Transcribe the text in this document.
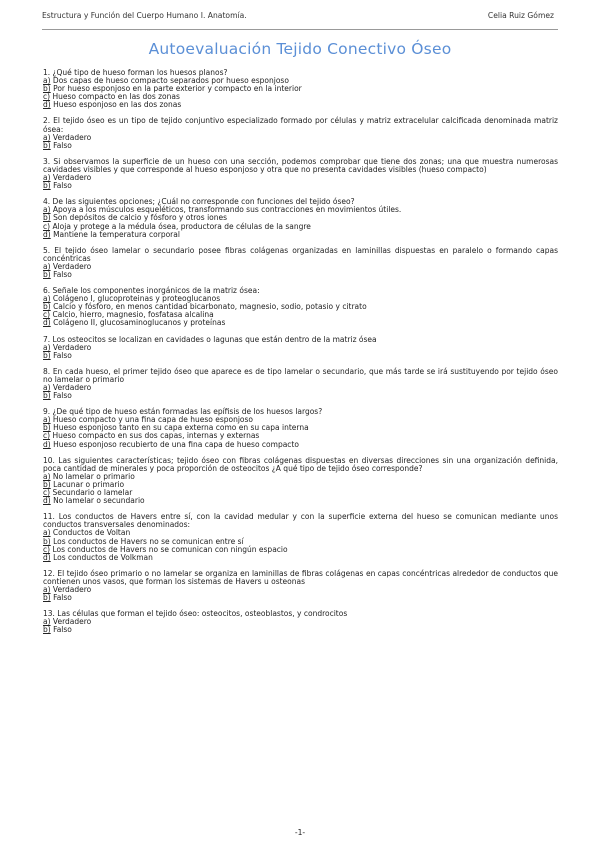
Estructura y Función del Cuerpo Humano I. Anatomía.	Celia Ruiz Gómez
Autoevaluación Tejido Conectivo Óseo
1. ¿Qué tipo de hueso forman los huesos planos?
a) Dos capas de hueso compacto separados por hueso esponjoso
b) Por hueso esponjoso en la parte exterior y compacto en la interior
c) Hueso compacto en las dos zonas
d) Hueso esponjoso en las dos zonas
2. El tejido óseo es un tipo de tejido conjuntivo especializado formado por células y matriz extracelular calcificada denominada matriz ósea:
a) Verdadero
b) Falso
3. Si observamos la superficie de un hueso con una sección, podemos comprobar que tiene dos zonas; una que muestra numerosas cavidades visibles y que corresponde al hueso esponjoso y otra que no presenta cavidades visibles (hueso compacto)
a) Verdadero
b) Falso
4. De las siguientes opciones; ¿Cuál no corresponde con funciones del tejido óseo?
a) Apoya a los músculos esqueléticos, transformando sus contracciones en movimientos útiles.
b) Son depósitos de calcio y fósforo y otros iones
c) Aloja y protege a la médula ósea, productora de células de la sangre
d) Mantiene la temperatura corporal
5. El tejido óseo lamelar o secundario posee fibras colágenas organizadas en laminillas dispuestas en paralelo o formando capas concéntricas
a) Verdadero
b) Falso
6. Señale los componentes inorgánicos de la matriz ósea:
a) Colágeno I, glucoproteinas y proteoglucanos
b) Calcio y fósforo, en menos cantidad bicarbonato, magnesio, sodio, potasio y citrato
c) Calcio, hierro, magnesio, fosfatasa alcalina
d) Colágeno II, glucosaminoglucanos y proteínas
7. Los osteocitos se localizan en cavidades o lagunas que están dentro de la matriz ósea
a) Verdadero
b) Falso
8. En cada hueso, el primer tejido óseo que aparece es de tipo lamelar o secundario, que más tarde se irá sustituyendo por tejido óseo no lamelar o primario
a) Verdadero
b) Falso
9. ¿De qué tipo de hueso están formadas las epífisis de los huesos largos?
a) Hueso compacto y una fina capa de hueso esponjoso
b) Hueso esponjoso tanto en su capa externa como en su capa interna
c) Hueso compacto en sus dos capas, internas y externas
d) Hueso esponjoso recubierto de una fina capa de hueso compacto
10. Las siguientes características; tejido óseo con fibras colágenas dispuestas en diversas direcciones sin una organización definida, poca cantidad de minerales y poca proporción de osteocitos ¿A qué tipo de tejido óseo corresponde?
a) No lamelar o primario
b) Lacunar o primario
c) Secundario o lamelar
d) No lamelar o secundario
11. Los conductos de Havers entre sí, con la cavidad medular y con la superficie externa del hueso se comunican mediante unos conductos transversales denominados:
a) Conductos de Voltan
b) Los conductos de Havers no se comunican entre sí
c) Los conductos de Havers no se comunican con ningún espacio
d) Los conductos de Volkman
12. El tejido óseo primario o no lamelar se organiza en laminillas de fibras colágenas en capas concéntricas alrededor de conductos que contienen unos vasos, que forman los sistemas de Havers u osteonas
a) Verdadero
b) Falso
13. Las células que forman el tejido óseo: osteocitos, osteoblastos, y condrocitos
a) Verdadero
b) Falso
-1-
